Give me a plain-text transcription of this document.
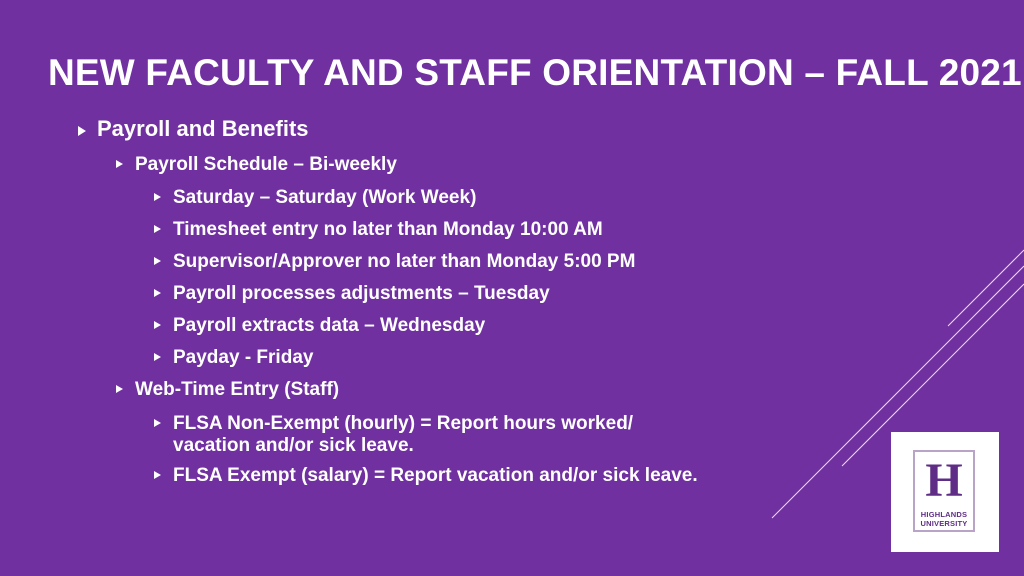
NEW FACULTY AND STAFF ORIENTATION – FALL 2021
Payroll and Benefits
Payroll Schedule – Bi-weekly
Saturday – Saturday (Work Week)
Timesheet entry no later than Monday 10:00 AM
Supervisor/Approver no later than Monday 5:00 PM
Payroll processes adjustments – Tuesday
Payroll extracts data – Wednesday
Payday - Friday
Web-Time Entry (Staff)
FLSA Non-Exempt (hourly) = Report hours worked/
vacation and/or sick leave.
FLSA Exempt (salary) = Report vacation and/or sick leave.	H
HIGHLANDS
UNIVERSITY
